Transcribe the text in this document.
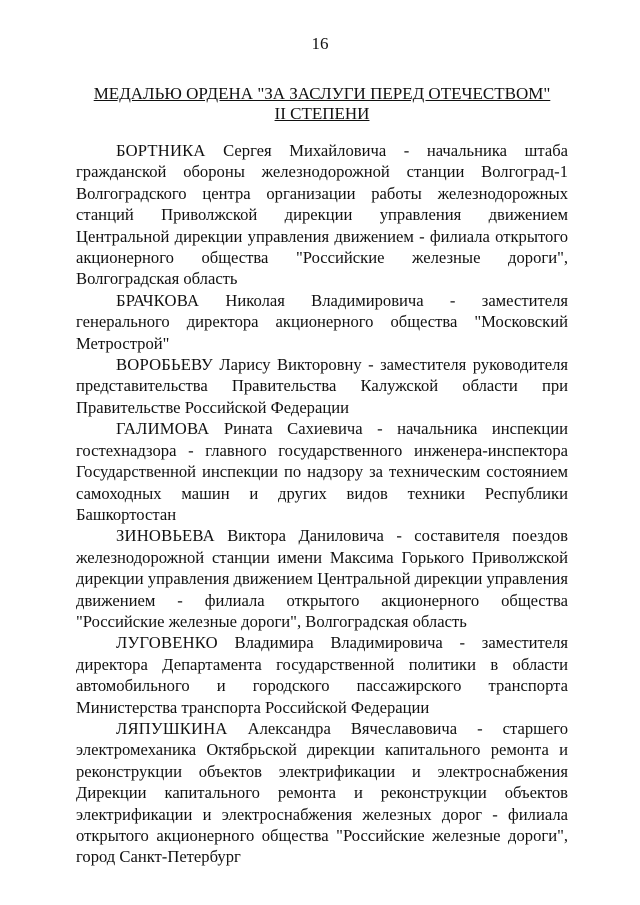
16
МЕДАЛЬЮ ОРДЕНА "ЗА ЗАСЛУГИ ПЕРЕД ОТЕЧЕСТВОМ"
II СТЕПЕНИ

БОРТНИКА Сергея Михайловича - начальника штаба гражданской обороны железнодорожной станции Волгоград-1 Волгоградского центра организации работы железнодорожных станций Приволжской дирекции управления движением Центральной дирекции управления движением - филиала открытого акционерного общества "Российские железные дороги", Волгоградская область

БРАЧКОВА Николая Владимировича - заместителя генерального директора акционерного общества "Московский Метрострой"

ВОРОБЬЕВУ Ларису Викторовну - заместителя руководителя представительства Правительства Калужской области при Правительстве Российской Федерации

ГАЛИМОВА Рината Сахиевича - начальника инспекции гостехнадзора - главного государственного инженера-инспектора Государственной инспекции по надзору за техническим состоянием самоходных машин и других видов техники Республики Башкортостан

ЗИНОВЬЕВА Виктора Даниловича - составителя поездов железнодорожной станции имени Максима Горького Приволжской дирекции управления движением Центральной дирекции управления движением - филиала открытого акционерного общества "Российские железные дороги", Волгоградская область

ЛУГОВЕНКО Владимира Владимировича - заместителя директора Департамента государственной политики в области автомобильного и городского пассажирского транспорта Министерства транспорта Российской Федерации

ЛЯПУШКИНА Александра Вячеславовича - старшего электромеханика Октябрьской дирекции капитального ремонта и реконструкции объектов электрификации и электроснабжения Дирекции капитального ремонта и реконструкции объектов электрификации и электроснабжения железных дорог - филиала открытого акционерного общества "Российские железные дороги", город Санкт-Петербург
